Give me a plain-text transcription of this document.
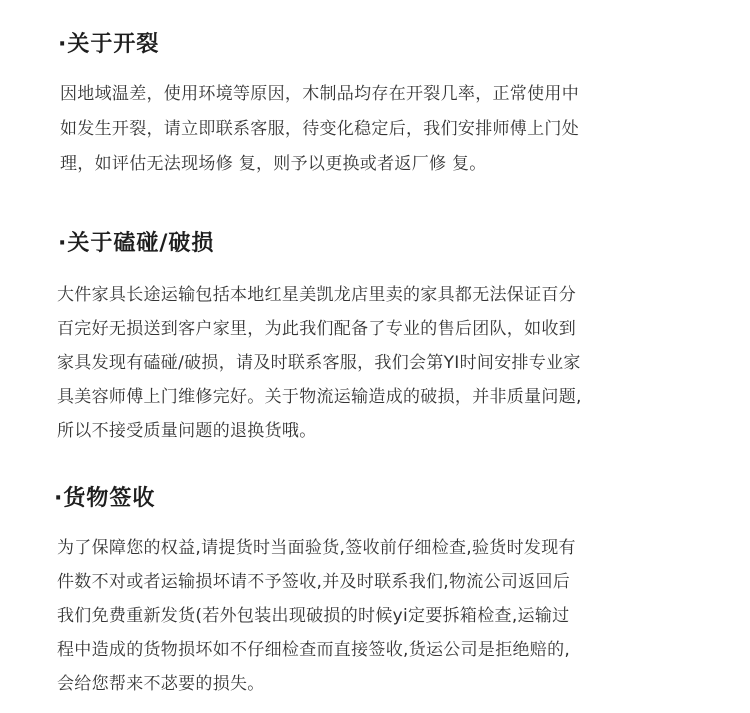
·关于开裂
因地域温差，使用环境等原因，木制品均存在开裂几率，正常使用中
如发生开裂，请立即联系客服，待变化稳定后，我们安排师傅上门处
理，如评估无法现场修 复，则予以更换或者返厂修 复。
·关于磕碰/破损
大件家具长途运输包括本地红星美凯龙店里卖的家具都无法保证百分
百完好无损送到客户家里，为此我们配备了专业的售后团队，如收到
家具发现有磕碰/破损，请及时联系客服，我们会第YI时间安排专业家
具美容师傅上门维修完好。关于物流运输造成的破损，并非质量问题,
所以不接受质量问题的退换货哦。
·货物签收
为了保障您的权益,请提货时当面验货,签收前仔细检查,验货时发现有
件数不对或者运输损坏请不予签收,并及时联系我们,物流公司返回后
我们免费重新发货(若外包装出现破损的时候yi定要拆箱检查,运输过
程中造成的货物损坏如不仔细检查而直接签收,货运公司是拒绝赔的,
会给您帮来不苾要的损失。
